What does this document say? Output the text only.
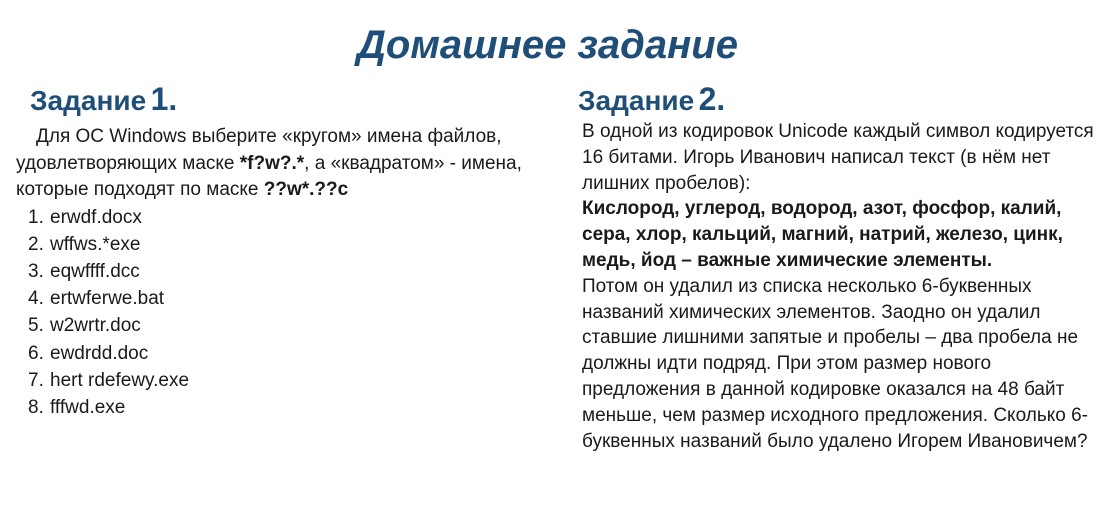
Домашнее задание
Задание 1.

Для ОС Windows выберите «кругом» имена файлов, удовлетворяющих маске *f?w?.*, а «квадратом» - имена, которые подходят по маске ??w*.??c

1. erwdf.docx
2. wffws.*exe
3. eqwffff.dcc
4. ertwferwe.bat
5. w2wrtr.doc
6. ewdrdd.doc
7. hert rdefewy.exe
8. fffwd.exe
Задание 2.

В одной из кодировок Unicode каждый символ кодируется 16 битами. Игорь Иванович написал текст (в нём нет лишних пробелов):

Кислород, углерод, водород, азот, фосфор, калий, сера, хлор, кальций, магний, натрий, железо, цинк, медь, йод – важные химические элементы.

Потом он удалил из списка несколько 6-буквенных названий химических элементов. Заодно он удалил ставшие лишними запятые и пробелы – два пробела не должны идти подряд. При этом размер нового предложения в данной кодировке оказался на 48 байт меньше, чем размер исходного предложения. Сколько 6-буквенных названий было удалено Игорем Ивановичем?
